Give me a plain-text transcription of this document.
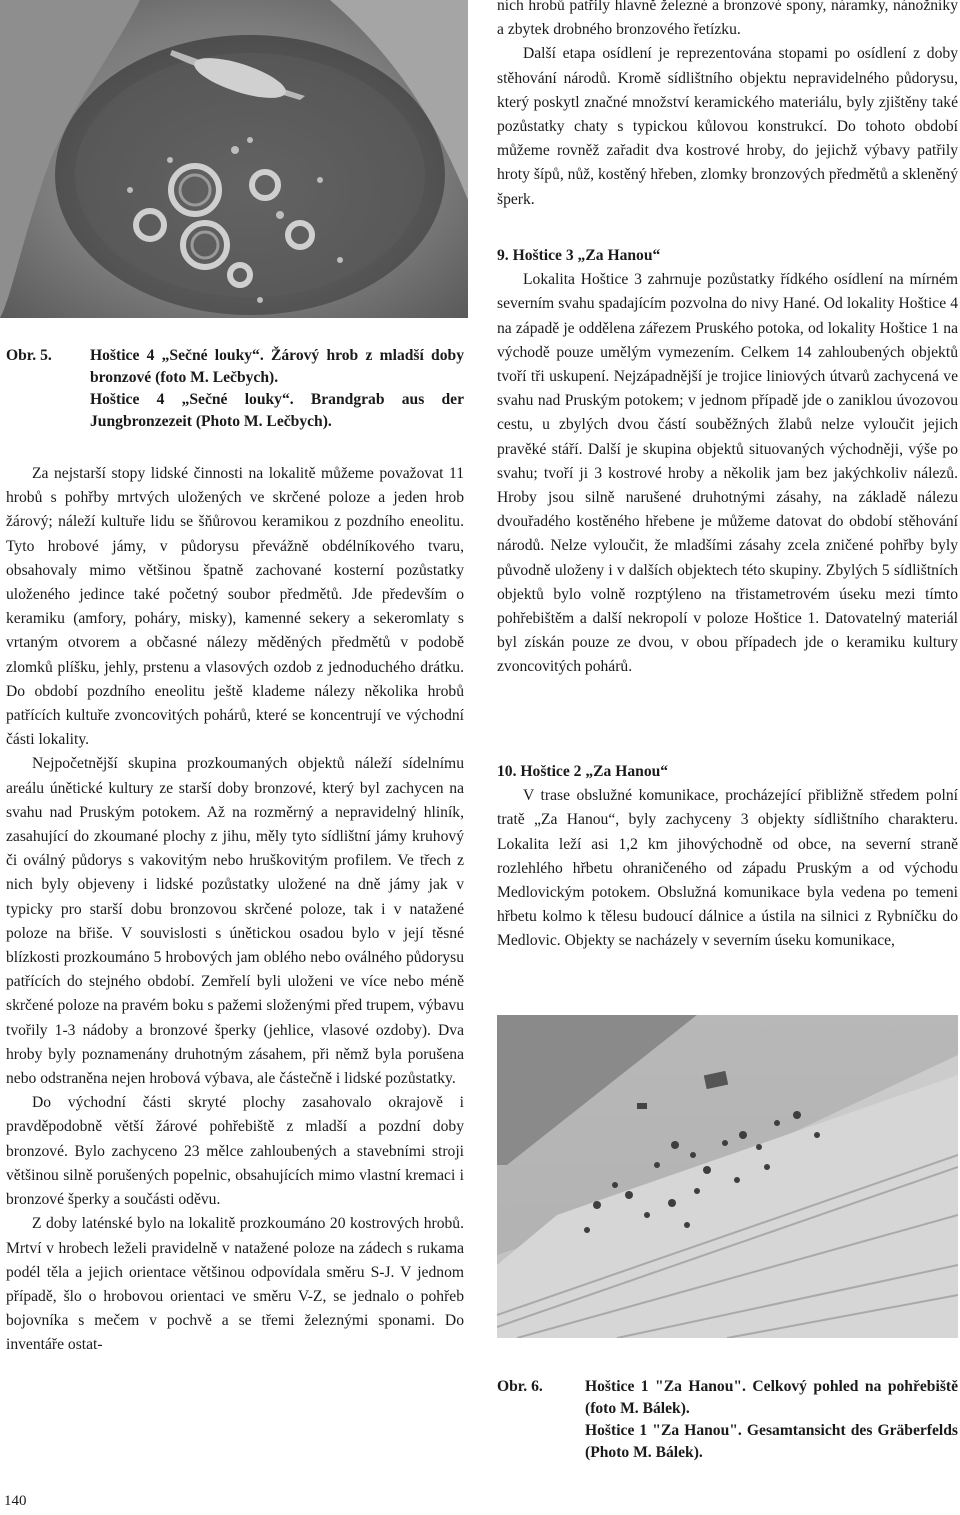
Obr. 5. Hoštice 4 „Sečné louky“. Žárový hrob z mladší doby bronzové (foto M. Lečbych).
Hoštice 4 „Sečné louky“. Brandgrab aus der Jungbronzezeit (Photo M. Lečbych).

Za nejstarší stopy lidské činnosti na lokalitě můžeme považovat 11 hrobů s pohřby mrtvých uložených ve skrčené poloze a jeden hrob žárový; náleží kultuře lidu se šňůrovou keramikou z pozdního eneolitu. Tyto hrobové jámy, v půdorysu převážně obdélníkového tvaru, obsahovaly mimo většinou špatně zachované kosterní pozůstatky uloženého jedince také početný soubor předmětů. Jde především o keramiku (amfory, poháry, misky), kamenné sekery a sekeromlaty s vrtaným otvorem a občasné nálezy měděných předmětů v podobě zlomků plíšku, jehly, prstenu a vlasových ozdob z jednoduchého drátku. Do období pozdního eneolitu ještě klademe nálezy několika hrobů patřících kultuře zvoncovitých pohárů, které se koncentrují ve východní části lokality.

Nejpočetnější skupina prozkoumaných objektů náleží sídelnímu areálu únětické kultury ze starší doby bronzové, který byl zachycen na svahu nad Pruským potokem. Až na rozměrný a nepravidelný hliník, zasahující do zkoumané plochy z jihu, měly tyto sídlištní jámy kruhový či oválný půdorys s vakovitým nebo hruškovitým profilem. Ve třech z nich byly objeveny i lidské pozůstatky uložené na dně jámy jak v typicky pro starší dobu bronzovou skrčené poloze, tak i v natažené poloze na břiše. V souvislosti s únětickou osadou bylo v její těsné blízkosti prozkoumáno 5 hrobových jam oblého nebo oválného půdorysu patřících do stejného období. Zemřelí byli uloženi ve více nebo méně skrčené poloze na pravém boku s pažemi složenými před trupem, výbavu tvořily 1-3 nádoby a bronzové šperky (jehlice, vlasové ozdoby). Dva hroby byly poznamenány druhotným zásahem, při němž byla porušena nebo odstraněna nejen hrobová výbava, ale částečně i lidské pozůstatky.

Do východní části skryté plochy zasahovalo okrajově i pravděpodobně větší žárové pohřebiště z mladší a pozdní doby bronzové. Bylo zachyceno 23 mělce zahloubených a stavebními stroji většinou silně porušených popelnic, obsahujících mimo vlastní kremaci i bronzové šperky a součásti oděvu.

Z doby laténské bylo na lokalitě prozkoumáno 20 kostrových hrobů. Mrtví v hrobech leželi pravidelně v natažené poloze na zádech s rukama podél těla a jejich orientace většinou odpovídala směru S-J. V jednom případě, šlo o hrobovou orientaci ve směru V-Z, se jednalo o pohřeb bojovníka s mečem v pochvě a se třemi železnými sponami. Do inventáře ostat-

140

ních hrobů patřily hlavně železné a bronzové spony, náramky, nánožníky a zbytek drobného bronzového řetízku.

Další etapa osídlení je reprezentována stopami po osídlení z doby stěhování národů. Kromě sídlištního objektu nepravidelného půdorysu, který poskytl značné množství keramického materiálu, byly zjištěny také pozůstatky chaty s typickou kůlovou konstrukcí. Do tohoto období můžeme rovněž zařadit dva kostrové hroby, do jejichž výbavy patřily hroty šípů, nůž, kostěný hřeben, zlomky bronzových předmětů a skleněný šperk.

9. Hoštice 3 „Za Hanou“

Lokalita Hoštice 3 zahrnuje pozůstatky řídkého osídlení na mírném severním svahu spadajícím pozvolna do nivy Hané. Od lokality Hoštice 4 na západě je oddělena zářezem Pruského potoka, od lokality Hoštice 1 na východě pouze umělým vymezením. Celkem 14 zahloubených objektů tvoří tři uskupení. Nejzápadnější je trojice liniových útvarů zachycená ve svahu nad Pruským potokem; v jednom případě jde o zaniklou úvozovou cestu, u zbylých dvou částí souběžných žlabů nelze vyloučit jejich pravěké stáří. Další je skupina objektů situovaných východněji, výše po svahu; tvoří ji 3 kostrové hroby a několik jam bez jakýchkoliv nálezů. Hroby jsou silně narušené druhotnými zásahy, na základě nálezu dvouřadého kostěného hřebene je můžeme datovat do období stěhování národů. Nelze vyloučit, že mladšími zásahy zcela zničené pohřby byly původně uloženy i v dalších objektech této skupiny. Zbylých 5 sídlištních objektů bylo volně rozptýleno na třistametrovém úseku mezi tímto pohřebištěm a další nekropolí v poloze Hoštice 1. Datovatelný materiál byl získán pouze ze dvou, v obou případech jde o keramiku kultury zvoncovitých pohárů.

10. Hoštice 2 „Za Hanou“

V trase obslužné komunikace, procházející přibližně středem polní tratě „Za Hanou“, byly zachyceny 3 objekty sídlištního charakteru. Lokalita leží asi 1,2 km jihovýchodně od obce, na severní straně rozlehlého hřbetu ohraničeného od západu Pruským a od východu Medlovickým potokem. Obslužná komunikace byla vedena po temeni hřbetu kolmo k tělesu budoucí dálnice a ústila na silnici z Rybníčku do Medlovic. Objekty se nacházely v severním úseku komunikace,

Obr. 6.	Hoštice 1 "Za Hanou". Celkový pohled na pohřebiště (foto M. Bálek).
Hoštice 1 "Za Hanou". Gesamtansicht des Gräberfelds (Photo M. Bálek).
